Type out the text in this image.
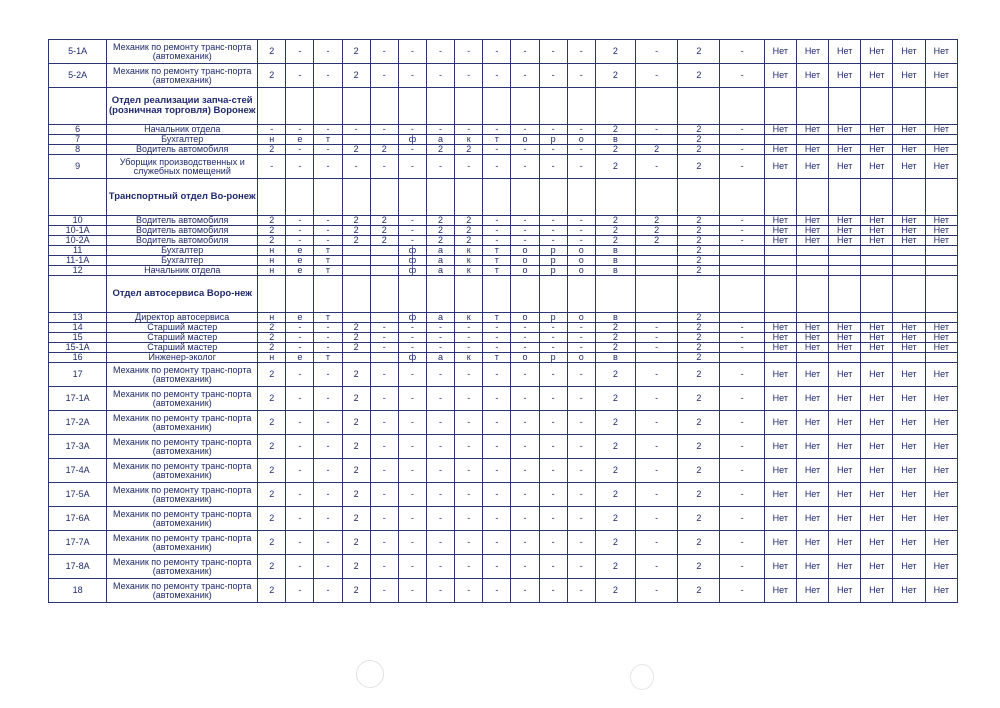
5-1А	Механик по ремонту транс-порта (автомеханик)	2	-	-	2	-	-	-	-	-	-	-	-	2	-	2	-	Нет	Нет	Нет	Нет	Нет	Нет
5-2А	Механик по ремонту транс-порта (автомеханик)	2	-	-	2	-	-	-	-	-	-	-	-	2	-	2	-	Нет	Нет	Нет	Нет	Нет	Нет
	Отдел реализации запча-стей (розничная торговля) Воронеж																						
6	Начальник отдела	-	-	-	-	-	-	-	-	-	-	-	-	2	-	2	-	Нет	Нет	Нет	Нет	Нет	Нет
7	Бухгалтер	н	е	т			ф	а	к	т	о	р	о	в		2							
8	Водитель автомобиля	2	-	-	2	2	-	2	2	-	-	-	-	2	2	2	-	Нет	Нет	Нет	Нет	Нет	Нет
9	Уборщик производственных и служебных помещений	-	-	-	-	-	-	-	-	-	-	-	-	2	-	2	-	Нет	Нет	Нет	Нет	Нет	Нет
	Транспортный отдел Во-ронеж																						
10	Водитель автомобиля	2	-	-	2	2	-	2	2	-	-	-	-	2	2	2	-	Нет	Нет	Нет	Нет	Нет	Нет
10-1А	Водитель автомобиля	2	-	-	2	2	-	2	2	-	-	-	-	2	2	2	-	Нет	Нет	Нет	Нет	Нет	Нет
10-2А	Водитель автомобиля	2	-	-	2	2	-	2	2	-	-	-	-	2	2	2	-	Нет	Нет	Нет	Нет	Нет	Нет
11	Бухгалтер	н	е	т			ф	а	к	т	о	р	о	в		2							
11-1А	Бухгалтер	н	е	т			ф	а	к	т	о	р	о	в		2							
12	Начальник отдела	н	е	т			ф	а	к	т	о	р	о	в		2							
	Отдел автосервиса Воро-неж																						
13	Директор автосервиса	н	е	т			ф	а	к	т	о	р	о	в		2							
14	Старший мастер	2	-	-	2	-	-	-	-	-	-	-	-	2	-	2	-	Нет	Нет	Нет	Нет	Нет	Нет
15	Старший мастер	2	-	-	2	-	-	-	-	-	-	-	-	2	-	2	-	Нет	Нет	Нет	Нет	Нет	Нет
15-1А	Старший мастер	2	-	-	2	-	-	-	-	-	-	-	-	2	-	2	-	Нет	Нет	Нет	Нет	Нет	Нет
16	Инженер-эколог	н	е	т			ф	а	к	т	о	р	о	в		2							
17	Механик по ремонту транс-порта (автомеханик)	2	-	-	2	-	-	-	-	-	-	-	-	2	-	2	-	Нет	Нет	Нет	Нет	Нет	Нет
17-1А	Механик по ремонту транс-порта (автомеханик)	2	-	-	2	-	-	-	-	-	-	-	-	2	-	2	-	Нет	Нет	Нет	Нет	Нет	Нет
17-2А	Механик по ремонту транс-порта (автомеханик)	2	-	-	2	-	-	-	-	-	-	-	-	2	-	2	-	Нет	Нет	Нет	Нет	Нет	Нет
17-3А	Механик по ремонту транс-порта (автомеханик)	2	-	-	2	-	-	-	-	-	-	-	-	2	-	2	-	Нет	Нет	Нет	Нет	Нет	Нет
17-4А	Механик по ремонту транс-порта (автомеханик)	2	-	-	2	-	-	-	-	-	-	-	-	2	-	2	-	Нет	Нет	Нет	Нет	Нет	Нет
17-5А	Механик по ремонту транс-порта (автомеханик)	2	-	-	2	-	-	-	-	-	-	-	-	2	-	2	-	Нет	Нет	Нет	Нет	Нет	Нет
17-6А	Механик по ремонту транс-порта (автомеханик)	2	-	-	2	-	-	-	-	-	-	-	-	2	-	2	-	Нет	Нет	Нет	Нет	Нет	Нет
17-7А	Механик по ремонту транс-порта (автомеханик)	2	-	-	2	-	-	-	-	-	-	-	-	2	-	2	-	Нет	Нет	Нет	Нет	Нет	Нет
17-8А	Механик по ремонту транс-порта (автомеханик)	2	-	-	2	-	-	-	-	-	-	-	-	2	-	2	-	Нет	Нет	Нет	Нет	Нет	Нет
18	Механик по ремонту транс-порта (автомеханик)	2	-	-	2	-	-	-	-	-	-	-	-	2	-	2	-	Нет	Нет	Нет	Нет	Нет	Нет
